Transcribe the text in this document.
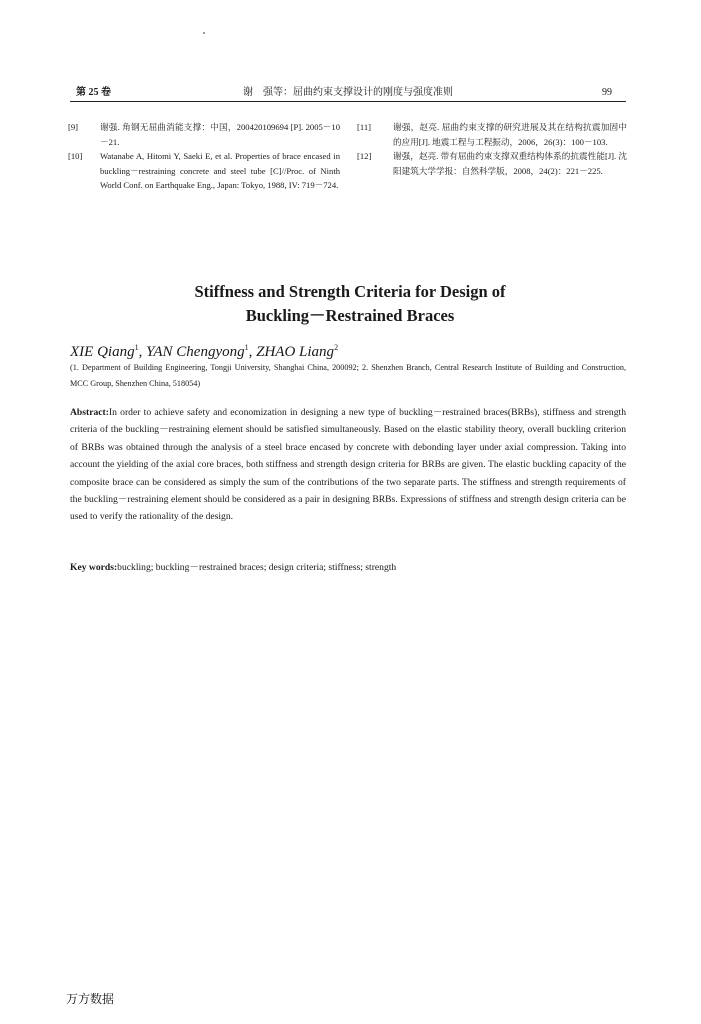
第 25 卷	谢　强等：屈曲约束支撑设计的刚度与强度准则	99
[9]	谢强. 角钢无屈曲消能支撑：中国，200420109694 [P]. 2005－10－21.
[10]	Watanabe A, Hitomi Y, Saeki E, et al. Properties of brace encased in buckling－restraining concrete and steel tube [C]//Proc. of Ninth World Conf. on Earthquake Eng., Japan: Tokyo, 1988, IV: 719－724.
[11]	谢强，赵亮. 屈曲约束支撑的研究进展及其在结构抗震加固中的应用[J]. 地震工程与工程振动，2006，26(3)：100－103.
[12]	谢强，赵亮. 带有屈曲约束支撑双重结构体系的抗震性能[J]. 沈阳建筑大学学报：自然科学版，2008，24(2)：221－225.
Stiffness and Strength Criteria for Design of
Buckling－Restrained Braces
XIE Qiang$^1$, YAN Chengyong$^1$, ZHAO Liang$^2$
(1. Department of Building Engineering, Tongji University, Shanghai China, 200092; 2. Shenzhen Branch, Central Research Institute of Building and Construction, MCC Group, Shenzhen China, 518054)
Abstract:In order to achieve safety and economization in designing a new type of buckling－restrained braces(BRBs), stiffness and strength criteria of the buckling－restraining element should be satisfied simultaneously. Based on the elastic stability theory, overall buckling criterion of BRBs was obtained through the analysis of a steel brace encased by concrete with debonding layer under axial compression. Taking into account the yielding of the axial core braces, both stiffness and strength design criteria for BRBs are given. The elastic buckling capacity of the composite brace can be considered as simply the sum of the contributions of the two separate parts. The stiffness and strength requirements of the buckling－restraining element should be considered as a pair in designing BRBs. Expressions of stiffness and strength design criteria can be used to verify the rationality of the design.
Key words:buckling; buckling－restrained braces; design criteria; stiffness; strength
万方数据
